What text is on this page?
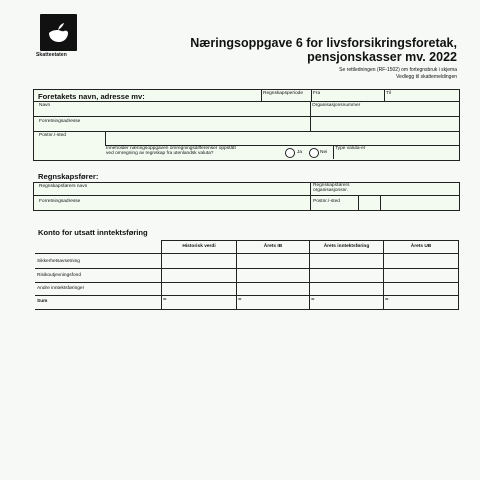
Skatteetaten
Næringsoppgave 6 for livsforsikringsforetak,
pensjonskasser mv. 2022
Se rettledningen (RF-1502) om fortegnsbruk i skjema
Vedlegg til skattemeldingen
Foretakets navn, adresse mv:	Regnskapsperiode Fra	Til
Navn	Organisasjonsnummer
Forretningsadresse
Postnr./-sted
Inneholder næringsoppgaven omregningsdifferenser oppstått
ved omregning av regnskap fra utenlandsk valuta?	Ja	Nei
Type valuta-er
Regnskapsfører:
Regnskapsførers navn	Regnskapsførers
organisasjonsnr.
Forretningsadresse	Postnr./-sted
Konto for utsatt inntektsføring
Historisk verdi	Årets IB	Årets inntektsføring	Årets UB
Sikkerhetsavsetning
Risikoutjevningsfond
Andre inntektsføringer
Sum	=	=	=	=
